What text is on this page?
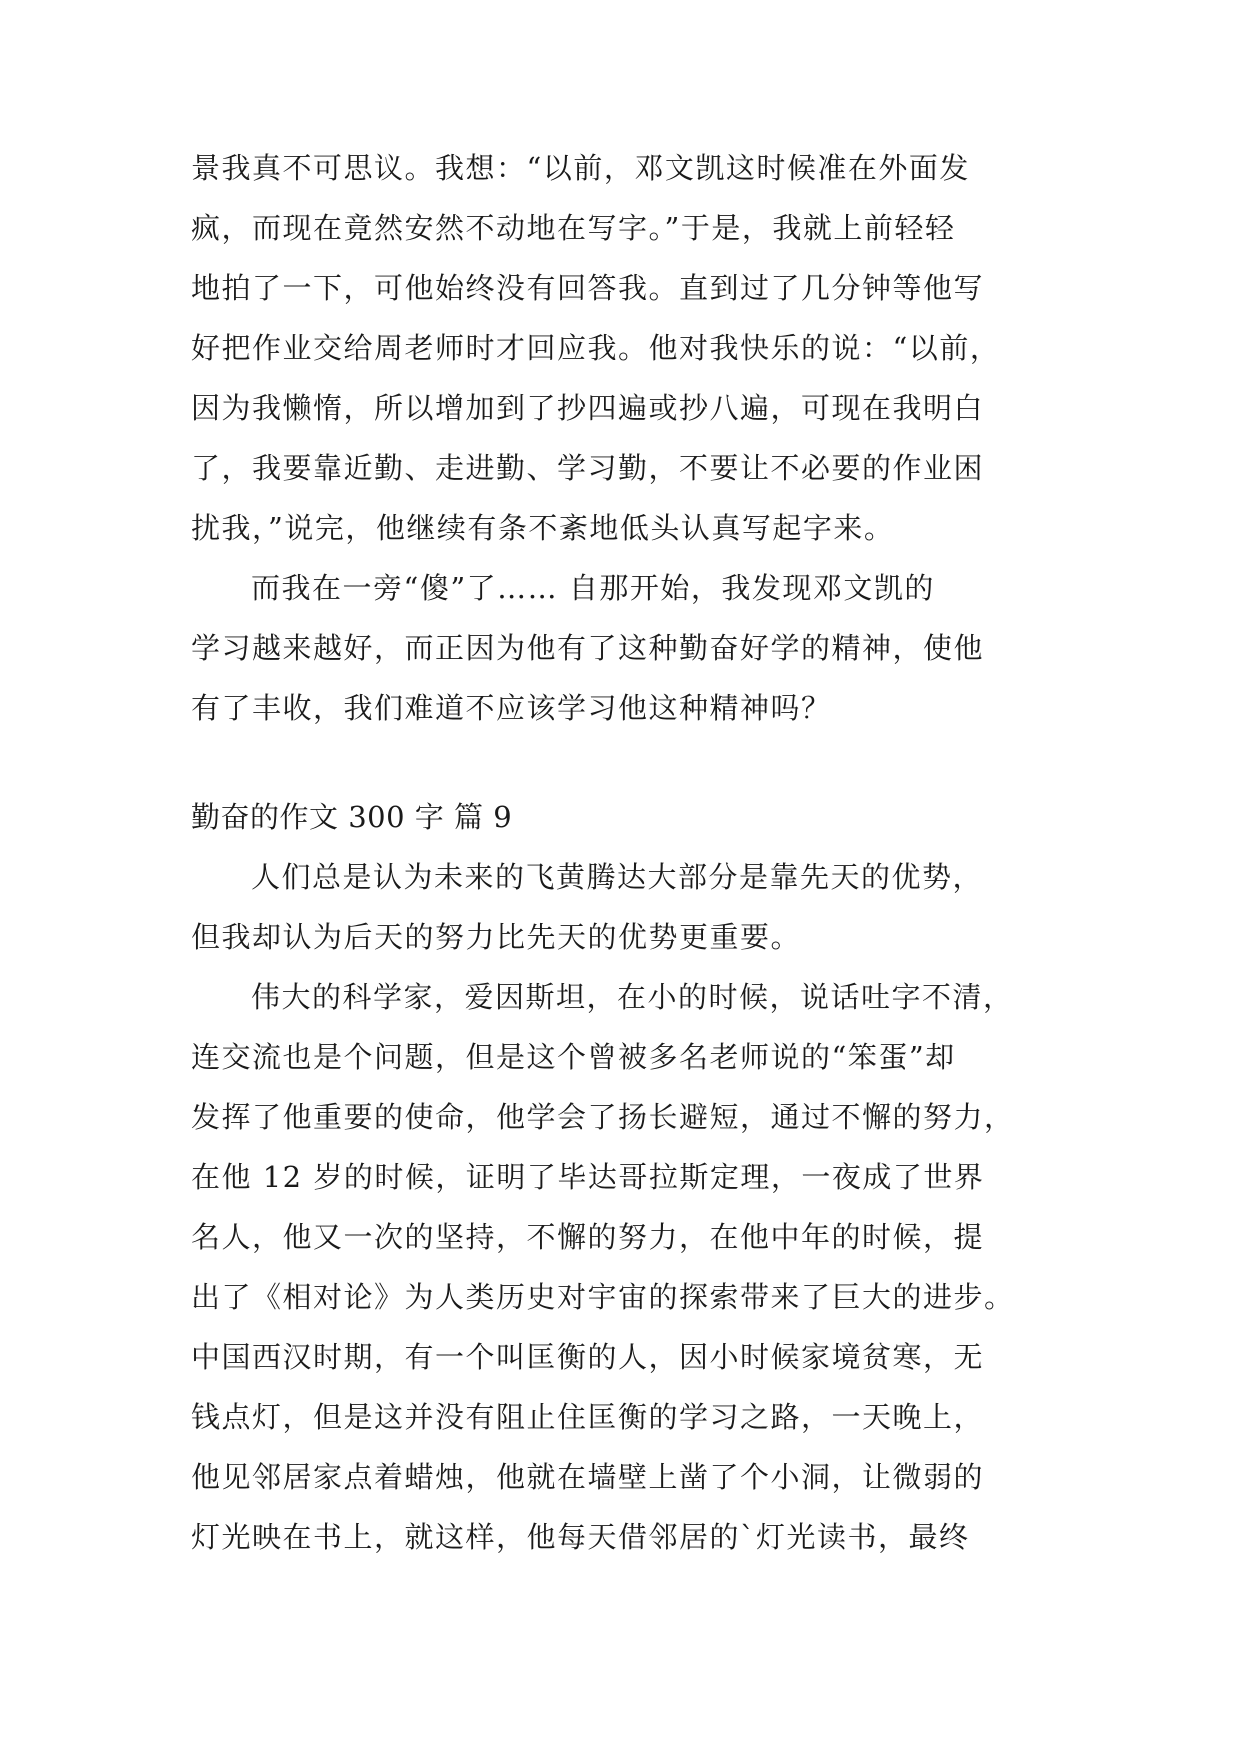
景我真不可思议。我想：“以前，邓文凯这时候准在外面发
疯，而现在竟然安然不动地在写字。”于是，我就上前轻轻
地拍了一下，可他始终没有回答我。直到过了几分钟等他写
好把作业交给周老师时才回应我。他对我快乐的说：“以前，
因为我懒惰，所以增加到了抄四遍或抄八遍，可现在我明白
了，我要靠近勤、走进勤、学习勤，不要让不必要的作业困
扰我，”说完，他继续有条不紊地低头认真写起字来。
而我在一旁“傻”了…… 自那开始，我发现邓文凯的
学习越来越好，而正因为他有了这种勤奋好学的精神，使他
有了丰收，我们难道不应该学习他这种精神吗？
勤奋的作文 300 字 篇 9
人们总是认为未来的飞黄腾达大部分是靠先天的优势，
但我却认为后天的努力比先天的优势更重要。
伟大的科学家，爱因斯坦，在小的时候，说话吐字不清，
连交流也是个问题，但是这个曾被多名老师说的“笨蛋”却
发挥了他重要的使命，他学会了扬长避短，通过不懈的努力，
在他 12 岁的时候，证明了毕达哥拉斯定理，一夜成了世界
名人，他又一次的坚持，不懈的努力，在他中年的时候，提
出了《相对论》为人类历史对宇宙的探索带来了巨大的进步。
中国西汉时期，有一个叫匡衡的人，因小时候家境贫寒，无
钱点灯，但是这并没有阻止住匡衡的学习之路，一天晚上，
他见邻居家点着蜡烛，他就在墙壁上凿了个小洞，让微弱的
灯光映在书上，就这样，他每天借邻居的`灯光读书，最终
